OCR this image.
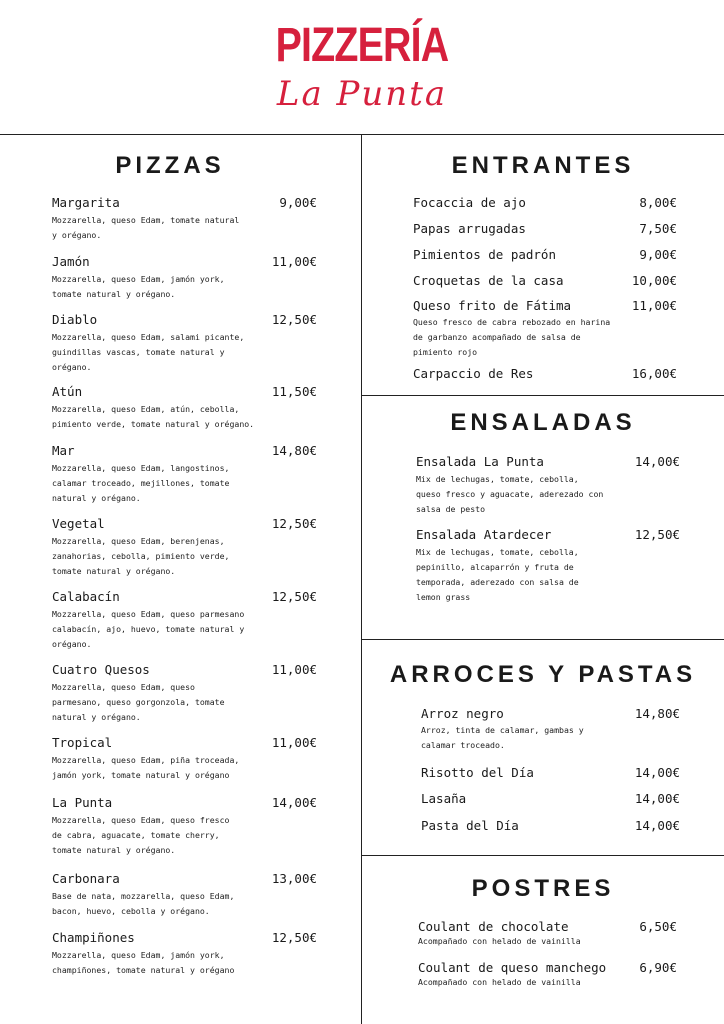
PIZZERÍA
La Punta
PIZZAS	ENTRANTES
ENSALADAS
ARROCES Y PASTAS
POSTRES
Margarita	9,00€
Mozzarella, queso Edam, tomate natural
y orégano.
Jamón	11,00€
Mozzarella, queso Edam, jamón york,
tomate natural y orégano.
Diablo	12,50€
Mozzarella, queso Edam, salami picante,
guindillas vascas, tomate natural y
orégano.
Atún	11,50€
Mozzarella, queso Edam, atún, cebolla,
pimiento verde, tomate natural y orégano.
Mar	14,80€
Mozzarella, queso Edam, langostinos,
calamar troceado, mejillones, tomate
natural y orégano.
Vegetal	12,50€
Mozzarella, queso Edam, berenjenas,
zanahorias, cebolla, pimiento verde,
tomate natural y orégano.
Calabacín	12,50€
Mozzarella, queso Edam, queso parmesano
calabacín, ajo, huevo, tomate natural y
orégano.
Cuatro Quesos	11,00€
Mozzarella, queso Edam, queso
parmesano, queso gorgonzola, tomate
natural y orégano.
Tropical	11,00€
Mozzarella, queso Edam, piña troceada,
jamón york, tomate natural y orégano
La Punta	14,00€
Mozzarella, queso Edam, queso fresco
de cabra, aguacate, tomate cherry,
tomate natural y orégano.
Carbonara	13,00€
Base de nata, mozzarella, queso Edam,
bacon, huevo, cebolla y orégano.
Champiñones	12,50€
Mozzarella, queso Edam, jamón york,
champiñones, tomate natural y orégano
Focaccia de ajo	8,00€
Papas arrugadas	7,50€
Pimientos de padrón	9,00€
Croquetas de la casa	10,00€
Queso frito de Fátima	11,00€
Queso fresco de cabra rebozado en harina
de garbanzo acompañado de salsa de
pimiento rojo
Carpaccio de Res	16,00€
Ensalada La Punta	14,00€
Mix de lechugas, tomate, cebolla,
queso fresco y aguacate, aderezado con
salsa de pesto
Ensalada Atardecer	12,50€
Mix de lechugas, tomate, cebolla,
pepinillo, alcaparrón y fruta de
temporada, aderezado con salsa de
lemon grass
Arroz negro	14,80€
Arroz, tinta de calamar, gambas y
calamar troceado.
Risotto del Día	14,00€
Lasaña	14,00€
Pasta del Día	14,00€
Coulant de chocolate	6,50€
Acompañado con helado de vainilla
Coulant de queso manchego	6,90€
Acompañado con helado de vainilla
